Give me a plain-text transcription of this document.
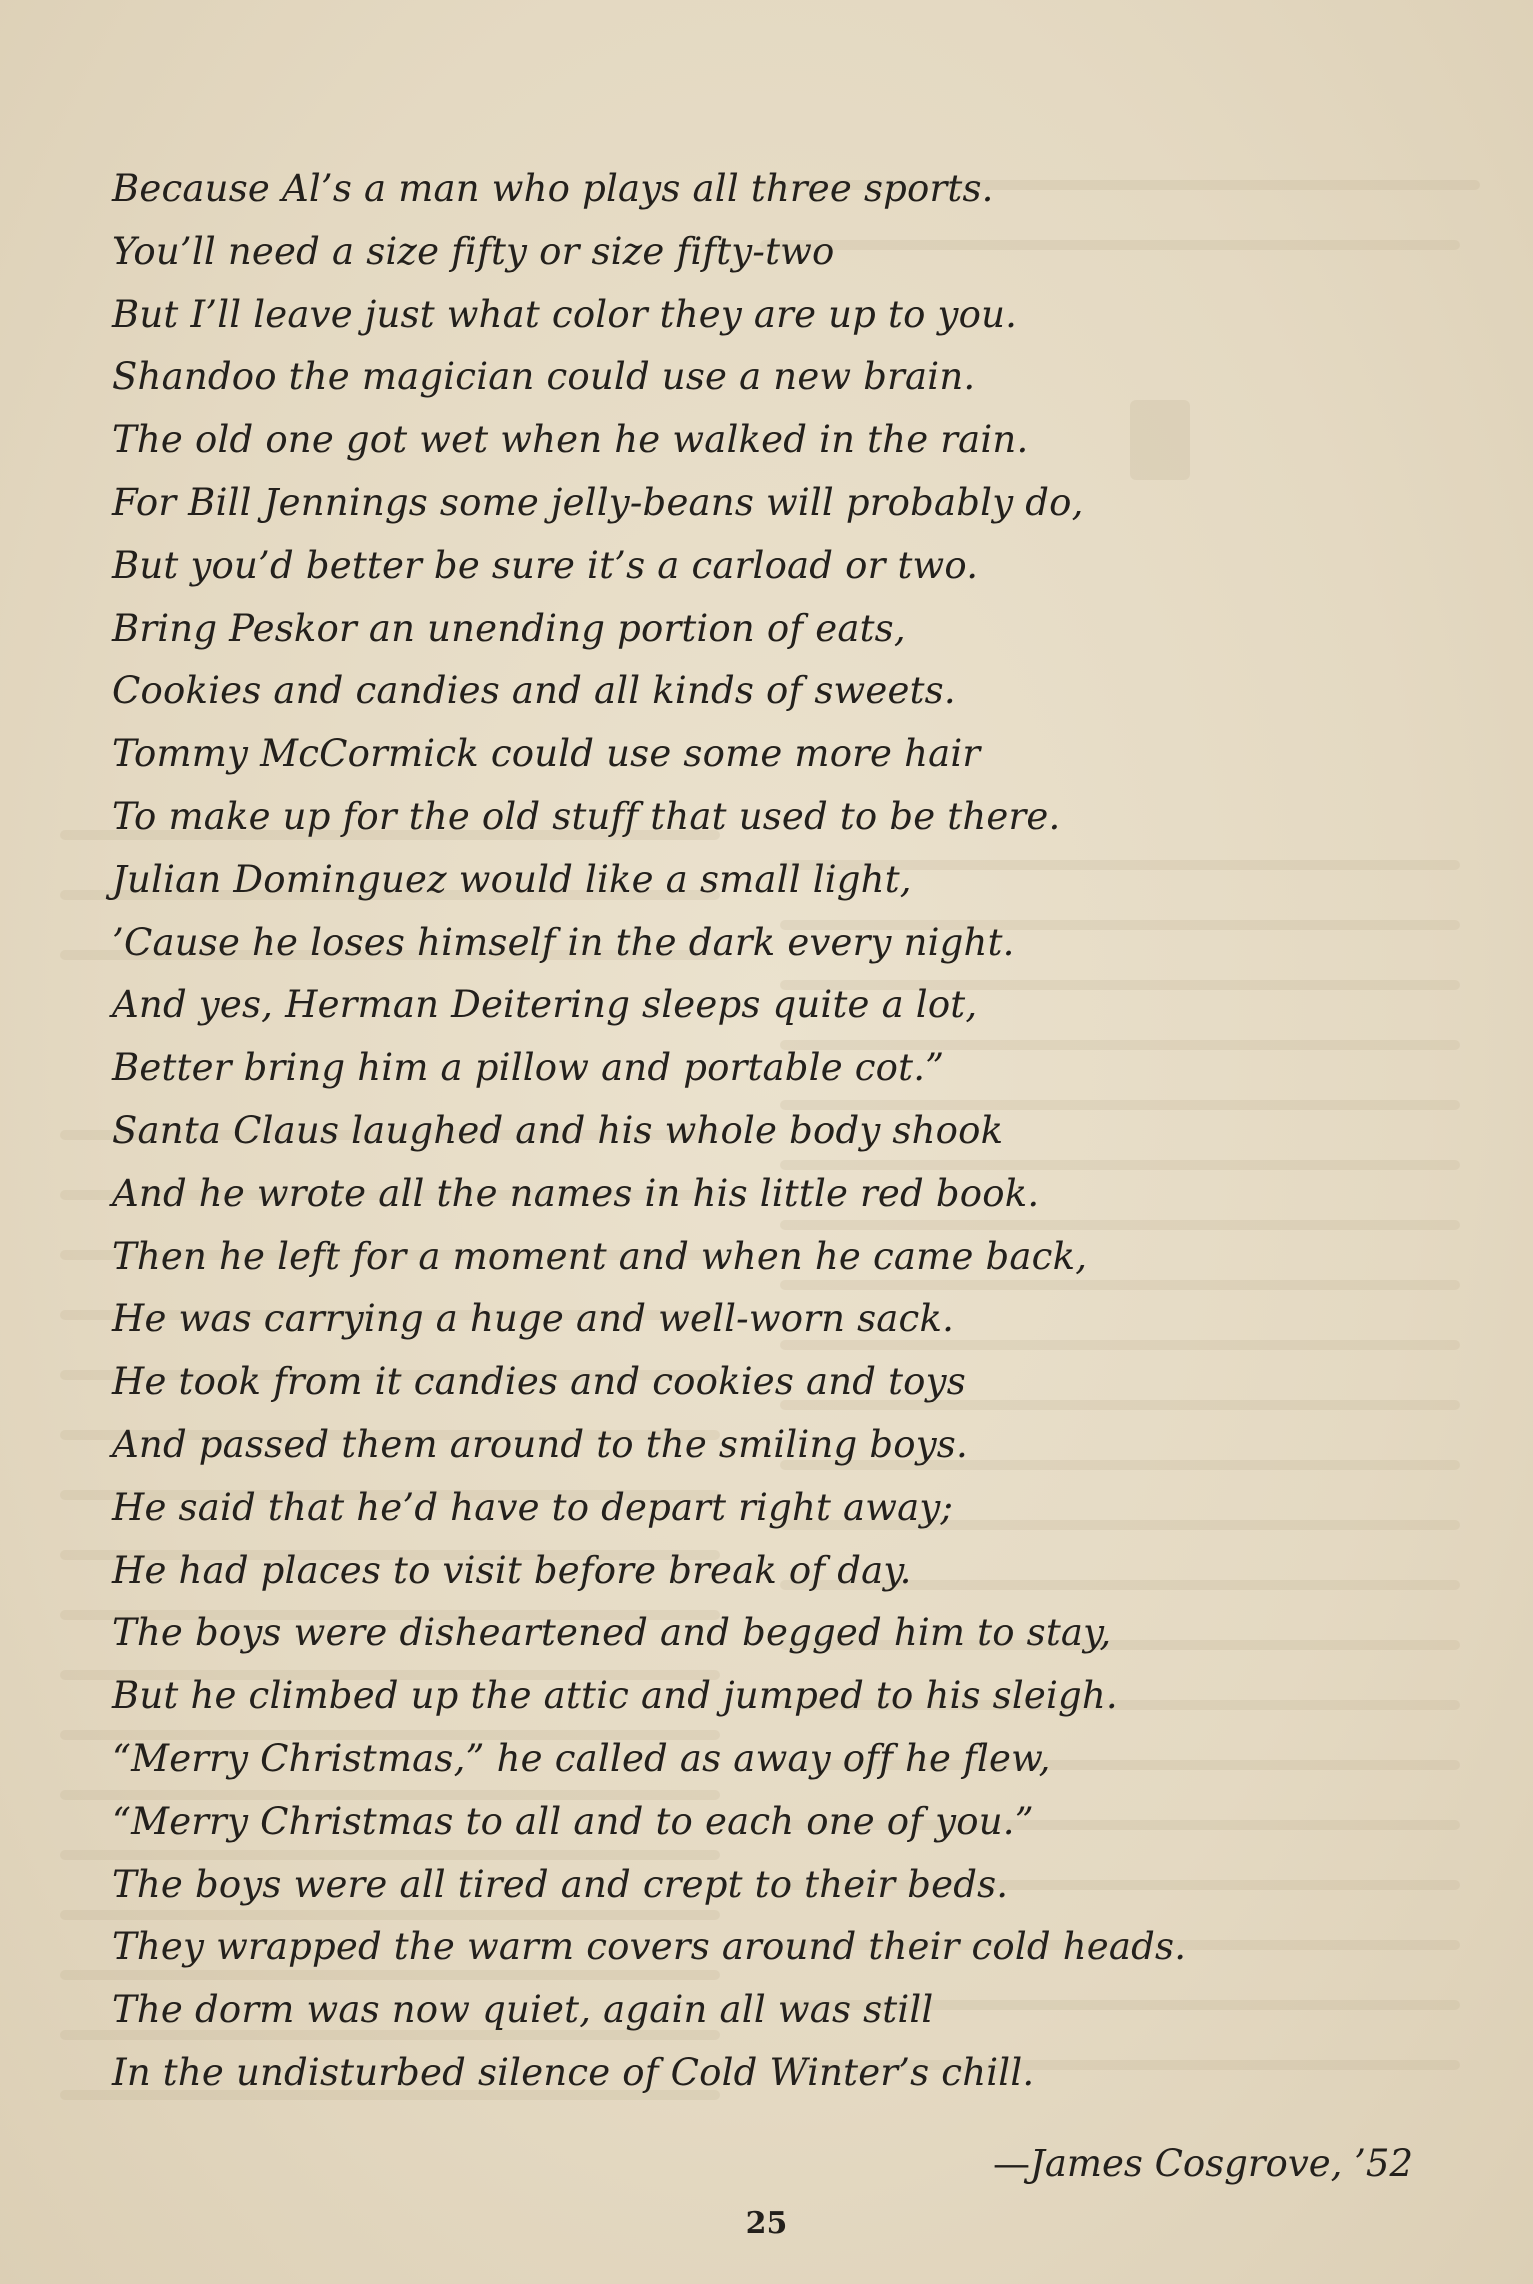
Because Al’s a man who plays all three sports.
You’ll need a size fifty or size fifty-two
But I’ll leave just what color they are up to you.
Shandoo the magician could use a new brain.
The old one got wet when he walked in the rain.
For Bill Jennings some jelly-beans will probably do,
But you’d better be sure it’s a carload or two.
Bring Peskor an unending portion of eats,
Cookies and candies and all kinds of sweets.
Tommy McCormick could use some more hair
To make up for the old stuff that used to be there.
Julian Dominguez would like a small light,
’Cause he loses himself in the dark every night.
And yes, Herman Deitering sleeps quite a lot,
Better bring him a pillow and portable cot.”
Santa Claus laughed and his whole body shook
And he wrote all the names in his little red book.
Then he left for a moment and when he came back,
He was carrying a huge and well-worn sack.
He took from it candies and cookies and toys
And passed them around to the smiling boys.
He said that he’d have to depart right away;
He had places to visit before break of day.
The boys were disheartened and begged him to stay,
But he climbed up the attic and jumped to his sleigh.
“Merry Christmas,” he called as away off he flew,
“Merry Christmas to all and to each one of you.”
The boys were all tired and crept to their beds.
They wrapped the warm covers around their cold heads.
The dorm was now quiet, again all was still
In the undisturbed silence of Cold Winter’s chill.
—James Cosgrove, ’52
25
